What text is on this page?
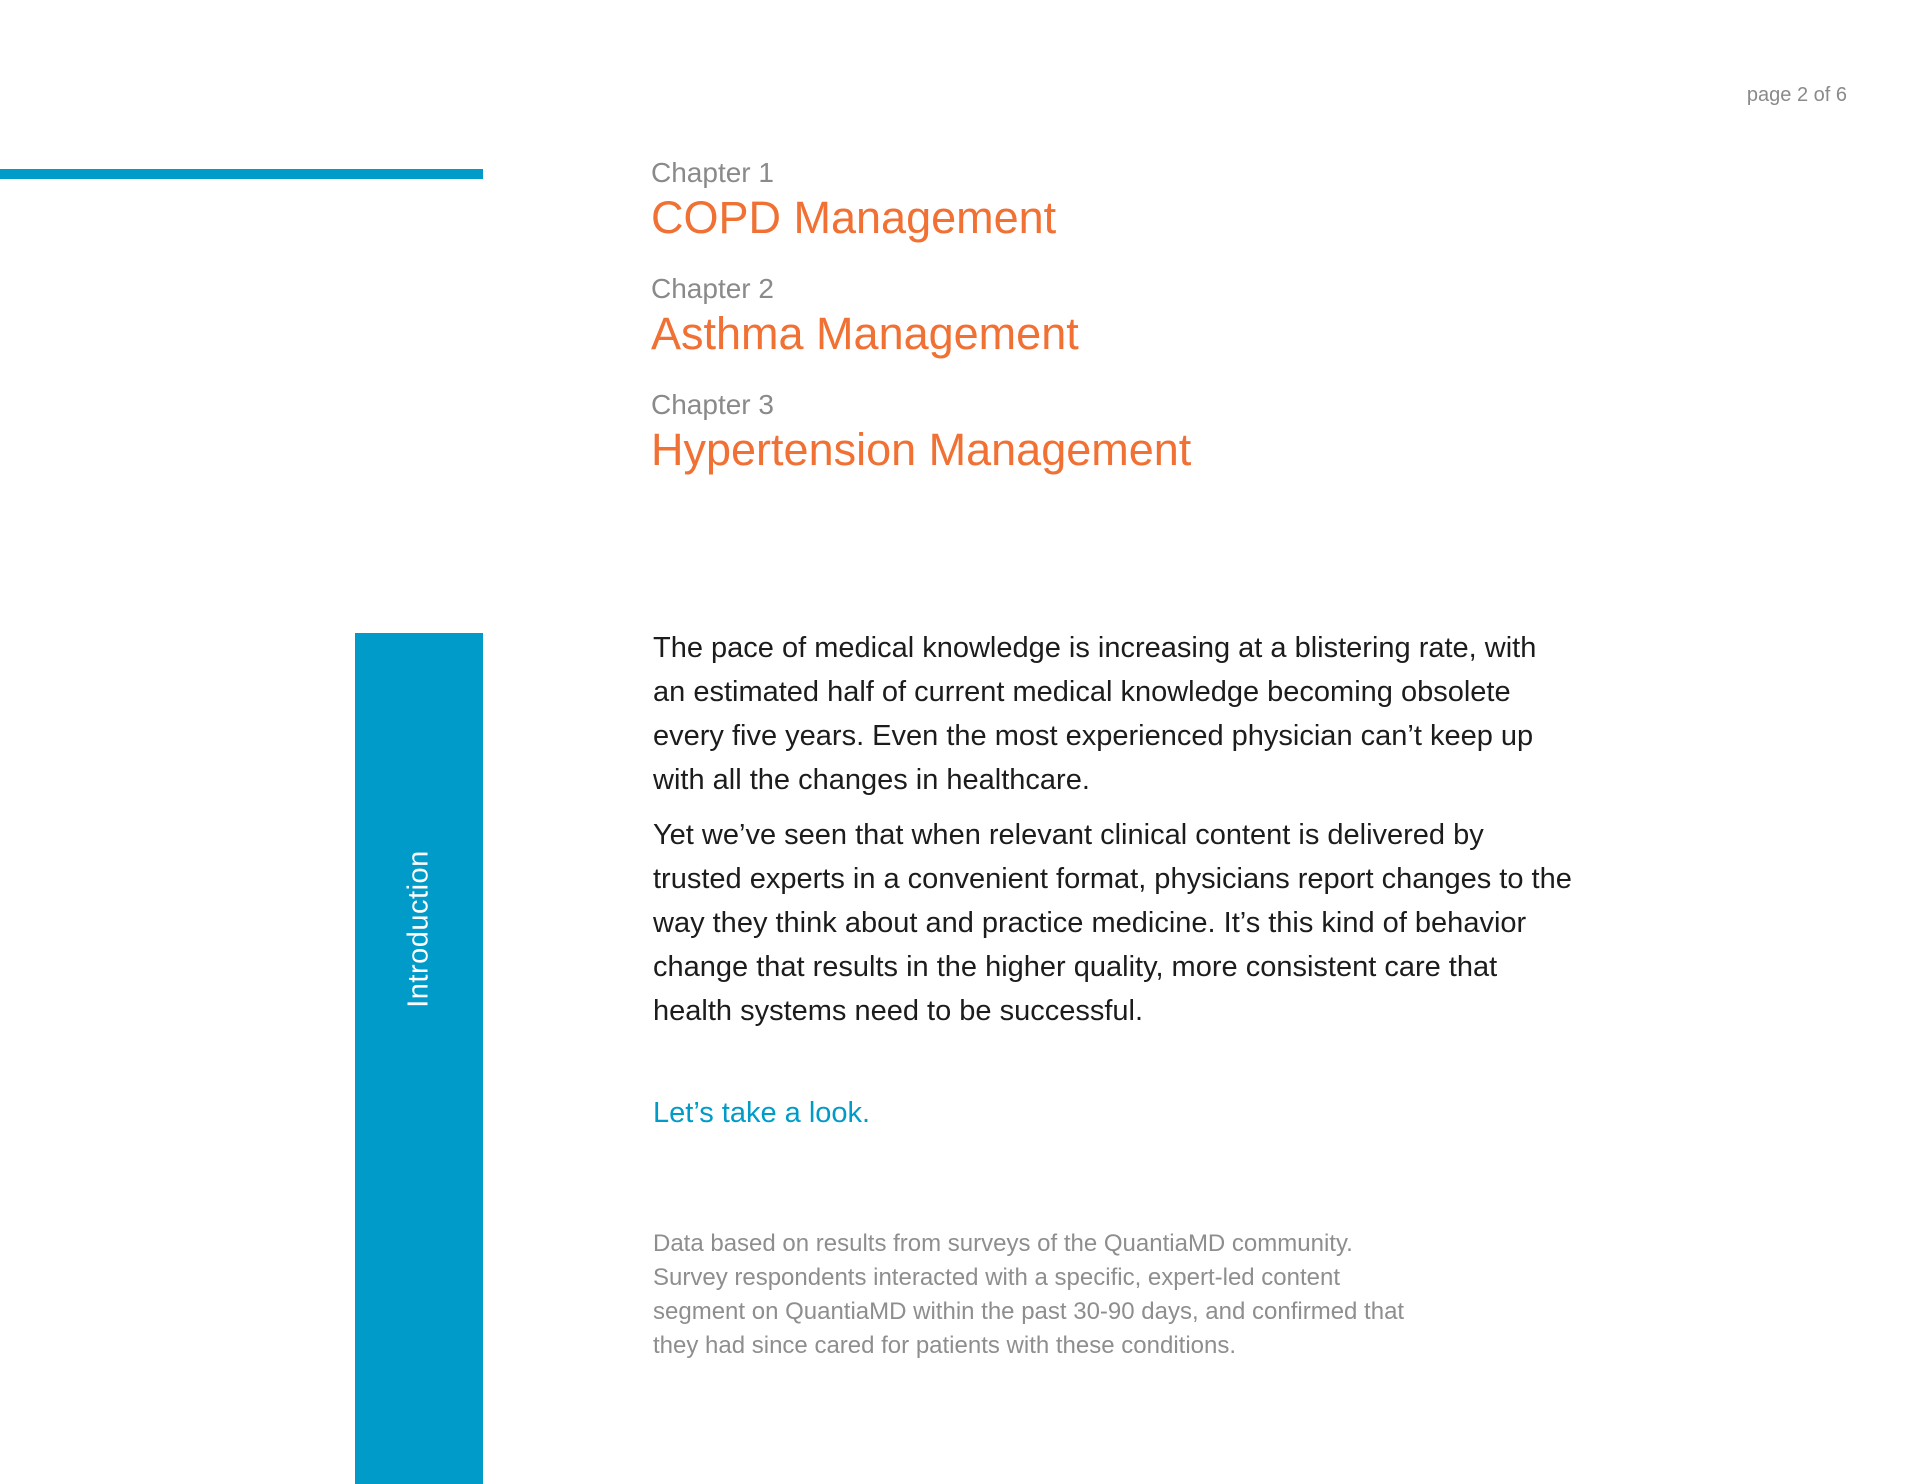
page 2 of 6
Chapter 1
COPD Management
Chapter 2
Asthma Management
Chapter 3
Hypertension Management
Introduction

The pace of medical knowledge is increasing at a blistering rate, with an estimated half of current medical knowledge becoming obsolete every five years. Even the most experienced physician can’t keep up with all the changes in healthcare.

Yet we’ve seen that when relevant clinical content is delivered by trusted experts in a convenient format, physicians report changes to the way they think about and practice medicine. It’s this kind of behavior change that results in the higher quality, more consistent care that health systems need to be successful.

Let’s take a look.

Data based on results from surveys of the QuantiaMD community. Survey respondents interacted with a specific, expert-led content segment on QuantiaMD within the past 30-90 days, and confirmed that they had since cared for patients with these conditions.
